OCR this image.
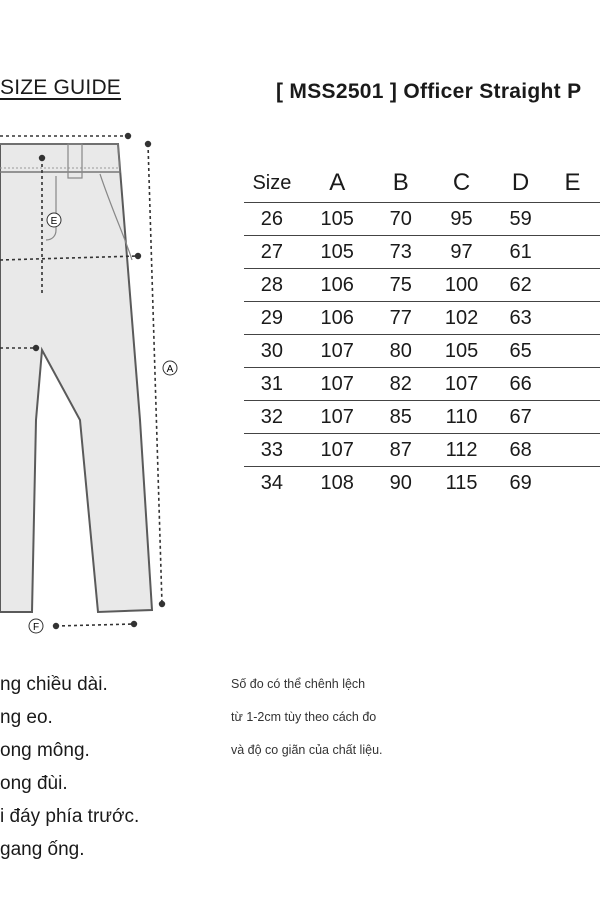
SIZE GUIDE	[ MSS2501 ] Officer Straight P
E
A
F
Size	A	B	C	D	E
26	105	70	95	59	
27	105	73	97	61	
28	106	75	100	62	
29	106	77	102	63	
30	107	80	105	65	
31	107	82	107	66	
32	107	85	110	67	
33	107	87	112	68	
34	108	90	115	69	
ng chiều dài.
ng eo.
ong mông.
ong đùi.
i đáy phía trước.
gang ống.
Số đo có thể chênh lệch
từ 1-2cm tùy theo cách đo
và độ co giãn của chất liệu.
